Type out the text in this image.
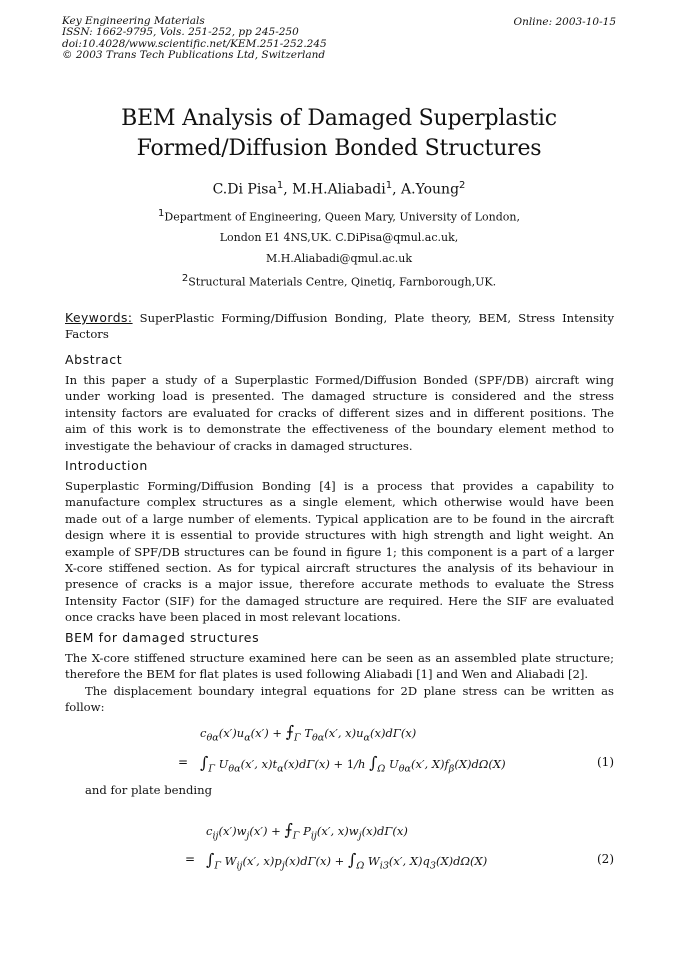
Key Engineering Materials
ISSN: 1662-9795, Vols. 251-252, pp 245-250
doi:10.4028/www.scientific.net/KEM.251-252.245
© 2003 Trans Tech Publications Ltd, Switzerland
Online: 2003-10-15
BEM Analysis of Damaged Superplastic
Formed/Diffusion Bonded Structures
C.Di Pisa$^1$, M.H.Aliabadi$^1$, A.Young$^2$
$^1$Department of Engineering, Queen Mary, University of London,
London E1 4NS,UK. C.DiPisa@qmul.ac.uk,
M.H.Aliabadi@qmul.ac.uk
$^2$Structural Materials Centre, Qinetiq, Farnborough,UK.
Keywords: SuperPlastic Forming/Diffusion Bonding, Plate theory, BEM, Stress Intensity Factors
Abstract
In this paper a study of a Superplastic Formed/Diffusion Bonded (SPF/DB) aircraft wing under working load is presented. The damaged structure is considered and the stress intensity factors are evaluated for cracks of different sizes and in different positions. The aim of this work is to demonstrate the effectiveness of the boundary element method to investigate the behaviour of cracks in damaged structures.
Introduction
Superplastic Forming/Diffusion Bonding [4] is a process that provides a capability to manufacture complex structures as a single element, which otherwise would have been made out of a large number of elements. Typical application are to be found in the aircraft design where it is essential to provide structures with high strength and light weight. An example of SPF/DB structures can be found in figure 1; this component is a part of a larger X-core stiffened section. As for typical aircraft structures the analysis of its behaviour in presence of cracks is a major issue, therefore accurate methods to evaluate the Stress Intensity Factor (SIF) for the damaged structure are required. Here the SIF are evaluated once cracks have been placed in most relevant locations.
BEM for damaged structures
The X-core stiffened structure examined here can be seen as an assembled plate structure; therefore the BEM for flat plates is used following Aliabadi [1] and Wen and Aliabadi [2].
The displacement boundary integral equations for 2D plane stress can be written as follow:
$c_{\theta\alpha}(x')u_\alpha(x')$ + $⨍_\Gamma$ $T_{\theta\alpha}(x'$, $x)u_\alpha(x)d\Gamma(x)$
= $\int_\Gamma$ $U_{\theta\alpha}(x'$, $x)t_\alpha(x)d\Gamma(x) + 1/h$ $\int_\Omega$ $U_{\theta\alpha}(x'$, $X)f_\beta(X)d\Omega(X)$	(1)
and for plate bending
$c_{ij}(x')w_j(x')$ + $⨍_\Gamma$ $P_{ij}(x'$, $x)w_j(x)d\Gamma(x)$
= $\int_\Gamma$ $W_{ij}(x'$, $x)p_j(x)d\Gamma(x) + \int_\Omega$ $W_{i3}(x'$, $X)q_3(X)d\Omega(X)$	(2)
